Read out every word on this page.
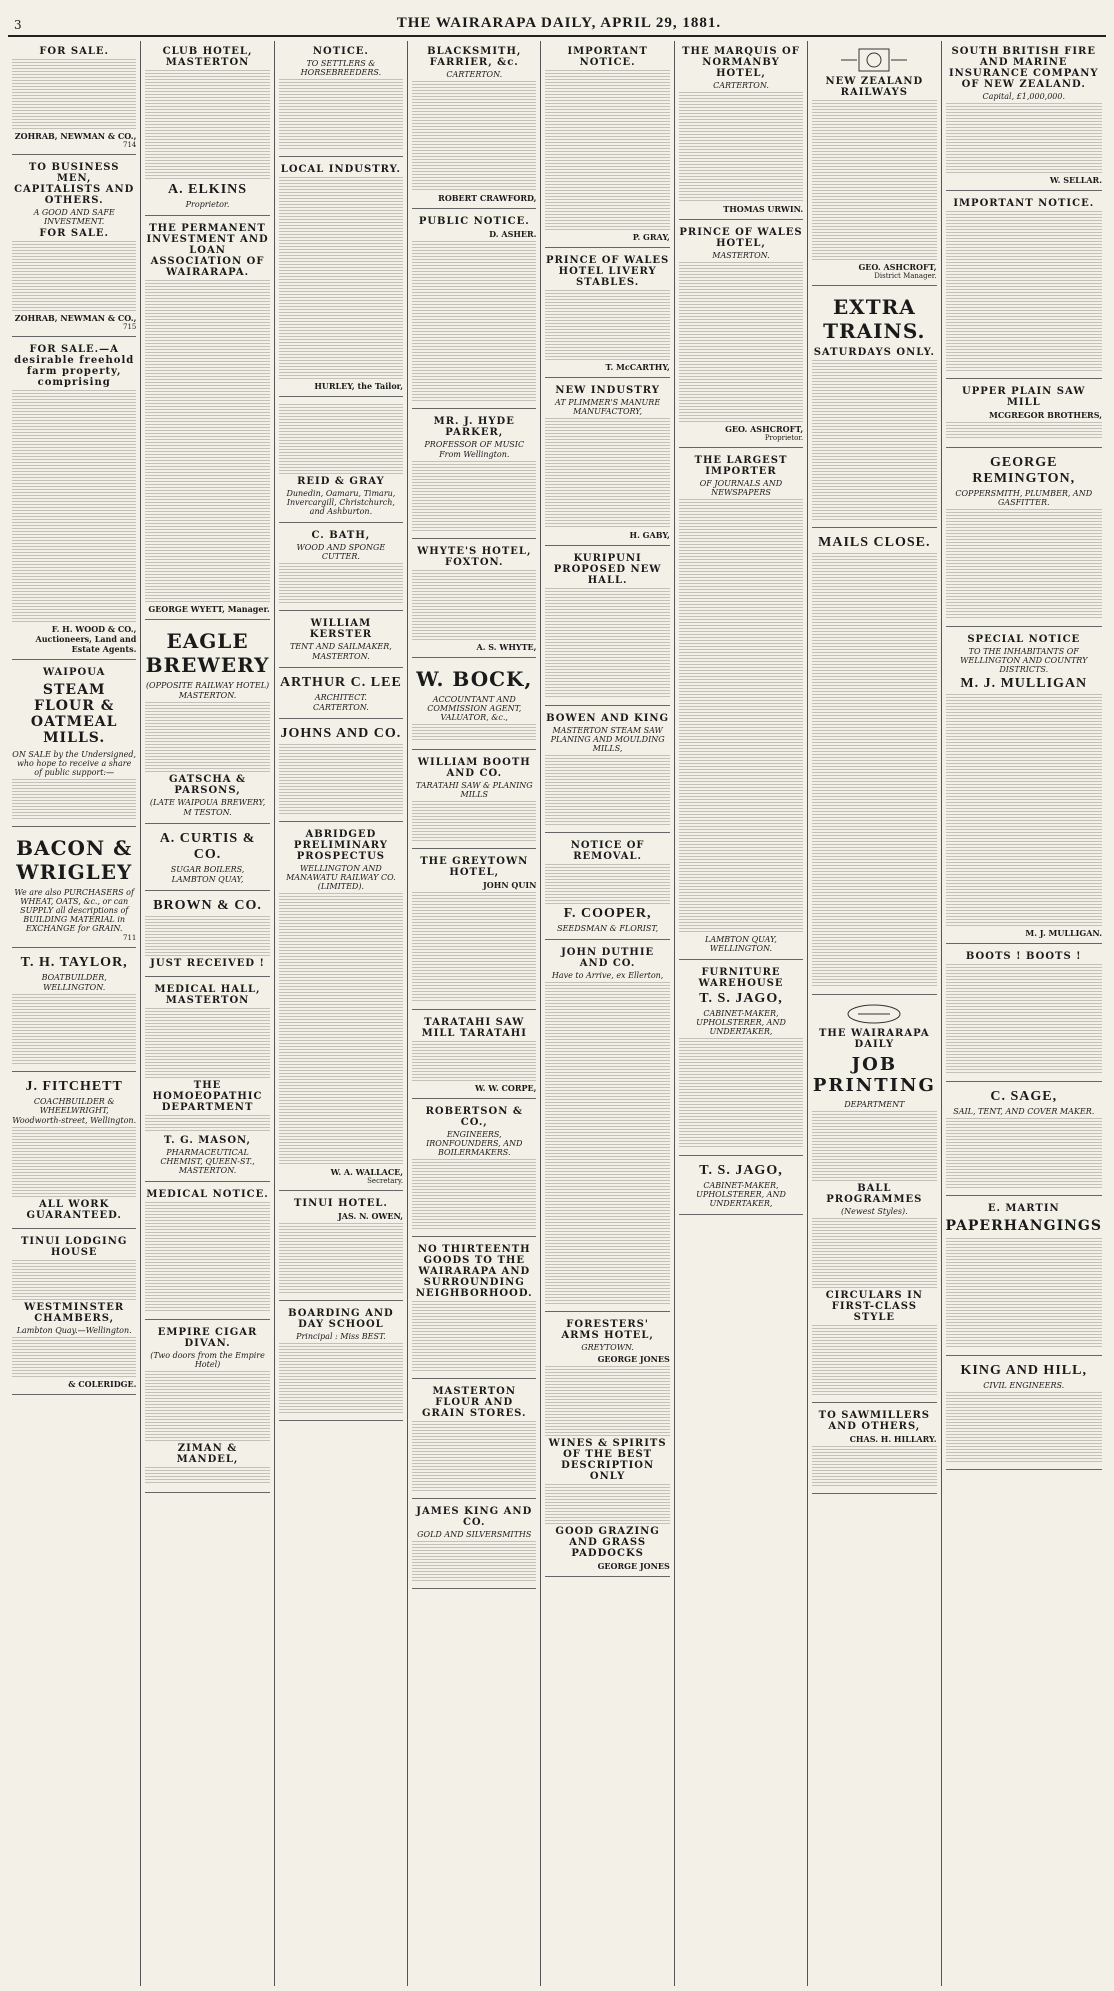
3	THE WAIRARAPA DAILY, APRIL 29, 1881.

FOR SALE.
ZOHRAB, NEWMAN & CO.,
714
TO BUSINESS MEN, CAPITALISTS AND OTHERS.
A GOOD AND SAFE INVESTMENT.
FOR SALE.
ZOHRAB, NEWMAN & CO.,
715
FOR SALE.—A desirable freehold farm property, comprising
F. H. WOOD & CO., Auctioneers, Land and Estate Agents.
WAIPOUA
STEAM FLOUR & OATMEAL MILLS.
ON SALE by the Undersigned, who hope to receive a share of public support:—
BACON & WRIGLEY
We are also PURCHASERS of WHEAT, OATS, &c., or can SUPPLY all descriptions of BUILDING MATERIAL in EXCHANGE for GRAIN.
711
T. H. TAYLOR,
BOATBUILDER,
WELLINGTON.
J. FITCHETT
COACHBUILDER & WHEELWRIGHT,
Woodworth-street, Wellington.
ALL WORK GUARANTEED.
TINUI LODGING HOUSE
WESTMINSTER CHAMBERS,
Lambton Quay.—Wellington.
& COLERIDGE.
CLUB HOTEL, MASTERTON
A. ELKINS
Proprietor.
THE PERMANENT INVESTMENT AND LOAN ASSOCIATION OF WAIRARAPA.
GEORGE WYETT, Manager.
EAGLE BREWERY
(OPPOSITE RAILWAY HOTEL)
MASTERTON.
GATSCHA & PARSONS,
(LATE WAIPOUA BREWERY,
M TESTON.
A. CURTIS & CO.
SUGAR BOILERS,
LAMBTON QUAY,
BROWN & CO.
JUST RECEIVED !
MEDICAL HALL, MASTERTON
THE HOMOEOPATHIC DEPARTMENT
T. G. MASON,
PHARMACEUTICAL CHEMIST, QUEEN-ST., MASTERTON.
MEDICAL NOTICE.
EMPIRE CIGAR DIVAN.
(Two doors from the Empire Hotel)
ZIMAN & MANDEL,
NOTICE.
TO SETTLERS & HORSEBREEDERS.
LOCAL INDUSTRY.
HURLEY, the Tailor,
REID & GRAY
Dunedin, Oamaru, Timaru, Invercargill, Christchurch, and Ashburton.
C. BATH,
WOOD AND SPONGE CUTTER.
WILLIAM KERSTER
TENT AND SAILMAKER,
MASTERTON.
ARTHUR C. LEE
ARCHITECT.
CARTERTON.
JOHNS AND CO.
ABRIDGED PRELIMINARY PROSPECTUS
WELLINGTON AND MANAWATU RAILWAY CO. (LIMITED).
W. A. WALLACE,
Secretary.
TINUI HOTEL.
JAS. N. OWEN,
BOARDING AND DAY SCHOOL
Principal : Miss BEST.
BLACKSMITH, FARRIER, &c.
CARTERTON.
ROBERT CRAWFORD,
PUBLIC NOTICE.
D. ASHER.
MR. J. HYDE PARKER,
PROFESSOR OF MUSIC
From Wellington.
WHYTE'S HOTEL, FOXTON.
A. S. WHYTE,
W. BOCK,
ACCOUNTANT AND COMMISSION AGENT, VALUATOR, &c.,
WILLIAM BOOTH AND CO.
TARATAHI SAW & PLANING MILLS
THE GREYTOWN HOTEL,
JOHN QUIN
TARATAHI SAW MILL TARATAHI
W. W. CORPE,
ROBERTSON & CO.,
ENGINEERS, IRONFOUNDERS, AND BOILERMAKERS.
NO THIRTEENTH GOODS TO THE WAIRARAPA AND SURROUNDING NEIGHBORHOOD.
MASTERTON FLOUR AND GRAIN STORES.
JAMES KING AND CO.
GOLD AND SILVERSMITHS
IMPORTANT NOTICE.
P. GRAY,
PRINCE OF WALES HOTEL LIVERY STABLES.
T. McCARTHY,
NEW INDUSTRY
AT PLIMMER'S MANURE MANUFACTORY,
H. GABY,
KURIPUNI PROPOSED NEW HALL.
BOWEN AND KING
MASTERTON STEAM SAW PLANING AND MOULDING MILLS,
NOTICE OF REMOVAL.
F. COOPER,
SEEDSMAN & FLORIST,
JOHN DUTHIE AND CO.
Have to Arrive, ex Ellerton,
FORESTERS' ARMS HOTEL,
GREYTOWN.
GEORGE JONES
WINES & SPIRITS OF THE BEST DESCRIPTION ONLY
GOOD GRAZING AND GRASS PADDOCKS
GEORGE JONES
THE MARQUIS OF NORMANBY HOTEL,
CARTERTON.
THOMAS URWIN.
PRINCE OF WALES HOTEL,
MASTERTON.
GEO. ASHCROFT,
Proprietor.
THE LARGEST IMPORTER
OF JOURNALS AND NEWSPAPERS
LAMBTON QUAY, WELLINGTON.
FURNITURE WAREHOUSE
T. S. JAGO,
CABINET-MAKER, UPHOLSTERER, AND UNDERTAKER,
T. S. JAGO,
CABINET-MAKER, UPHOLSTERER, AND UNDERTAKER,
NEW ZEALAND RAILWAYS
GEO. ASHCROFT,
District Manager.
EXTRA TRAINS.
SATURDAYS ONLY.
MAILS CLOSE.
THE WAIRARAPA DAILY
JOB PRINTING
DEPARTMENT
BALL PROGRAMMES
(Newest Styles).
CIRCULARS IN FIRST-CLASS STYLE
TO SAWMILLERS AND OTHERS,
CHAS. H. HILLARY.
SOUTH BRITISH FIRE AND MARINE INSURANCE COMPANY OF NEW ZEALAND.
Capital, £1,000,000.
W. SELLAR.
IMPORTANT NOTICE.
UPPER PLAIN SAW MILL
MCGREGOR BROTHERS,
GEORGE REMINGTON,
COPPERSMITH, PLUMBER, AND GASFITTER.
SPECIAL NOTICE
TO THE INHABITANTS OF WELLINGTON AND COUNTRY DISTRICTS.
M. J. MULLIGAN
M. J. MULLIGAN.
BOOTS ! BOOTS !
C. SAGE,
SAIL, TENT, AND COVER MAKER.
E. MARTIN
PAPERHANGINGS
KING AND HILL,
CIVIL ENGINEERS.
